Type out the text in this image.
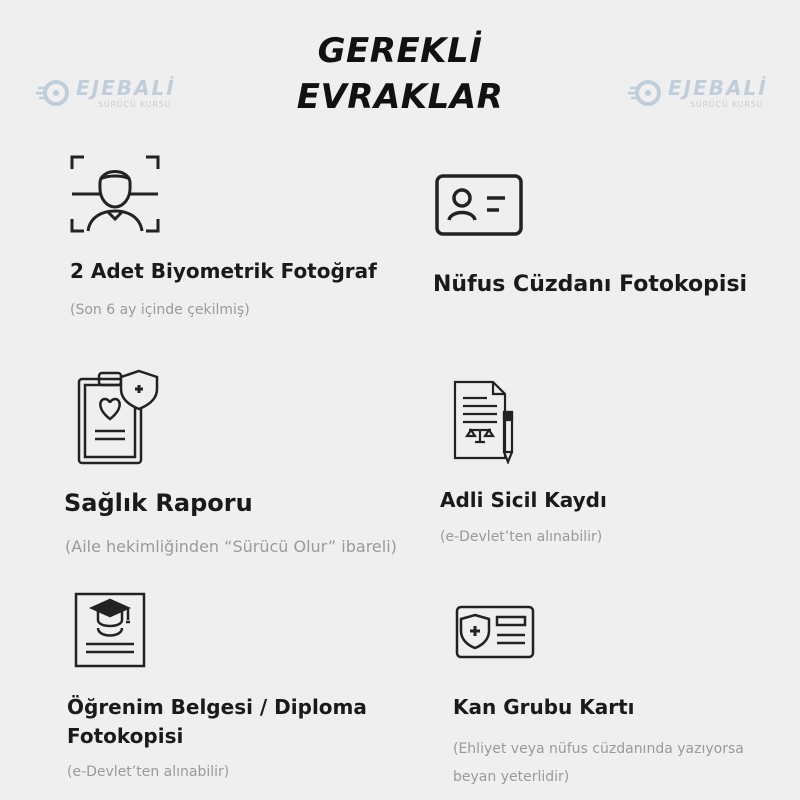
GEREKLİ
EVRAKLAR
EJEBALİ
SÜRÜCÜ KURSU
EJEBALİ
SÜRÜCÜ KURSU
2 Adet Biyometrik Fotoğraf
(Son 6 ay içinde çekilmiş)
Nüfus Cüzdanı Fotokopisi
Sağlık Raporu
(Aile hekimliğinden “Sürücü Olur” ibareli)
Adli Sicil Kaydı
(e-Devlet’ten alınabilir)
Öğrenim Belgesi / Diploma
Fotokopisi
(e-Devlet’ten alınabilir)
Kan Grubu Kartı
(Ehliyet veya nüfus cüzdanında yazıyorsa
beyan yeterlidir)
